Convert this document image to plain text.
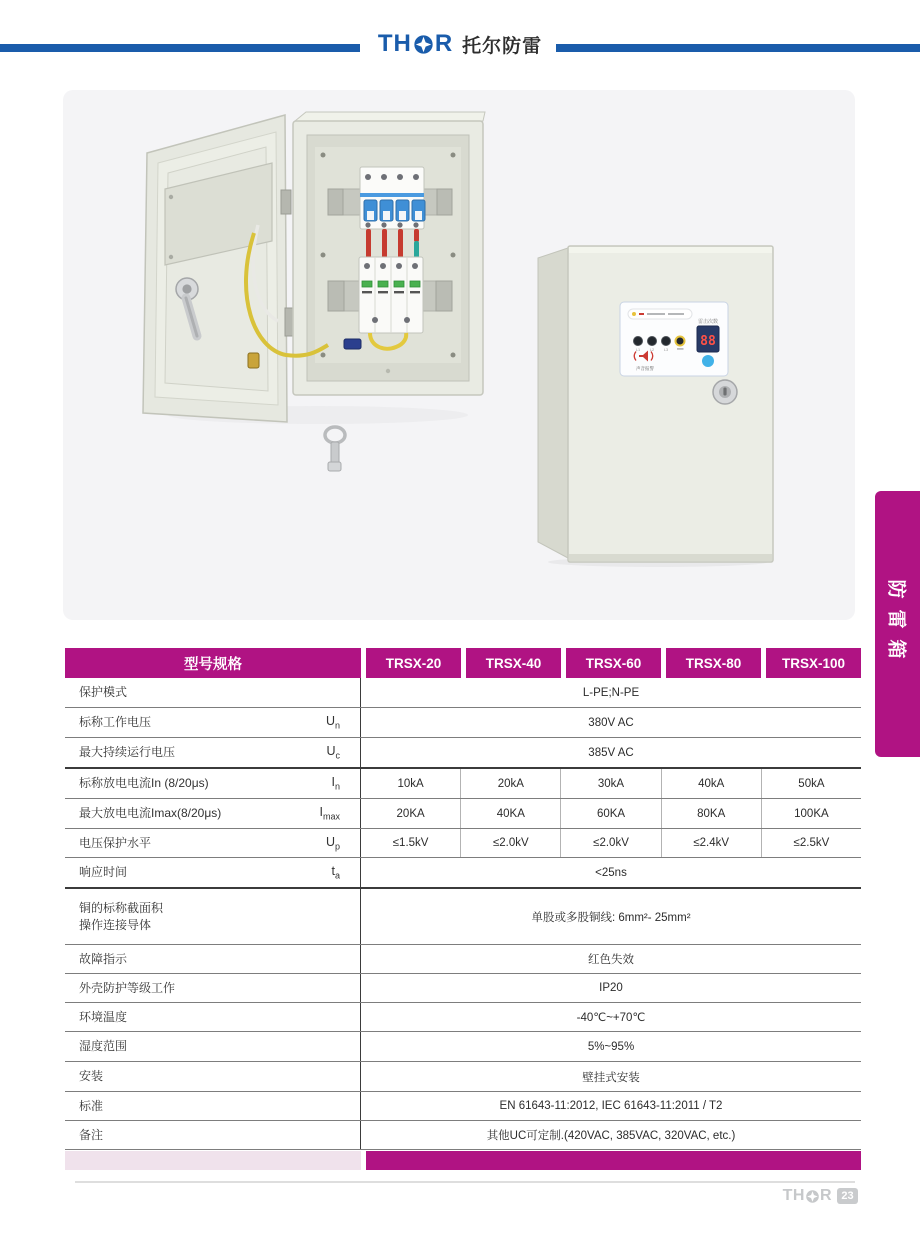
TH R 托尔防雷
雷击次数
88
L1	L2	L3
声音报警
防雷箱
型号规格	TRSX-20	TRSX-40	TRSX-60	TRSX-80	TRSX-100
保护模式	L-PE;N-PE
标称工作电压	$U_n$	380V AC
最大持续运行电压	$U_c$	385V AC
标称放电电流In (8/20μs)	$I_n$	10kA	20kA	30kA	40kA	50kA
最大放电电流Imax(8/20μs)	$I_{max}$	20KA	40KA	60KA	80KA	100KA
电压保护水平	$U_p$	≤1.5kV	≤2.0kV	≤2.0kV	≤2.4kV	≤2.5kV
响应时间	$t_a$	<25ns
铜的标称截面积
操作连接导体	单股或多股铜线: 6mm²- 25mm²
故障指示	红色失效
外壳防护等级工作	IP20
环境温度	-40℃~+70℃
湿度范围	5%~95%
安装	壁挂式安装
标准	EN 61643-11:2012, IEC 61643-11:2011 / T2
备注	其他UC可定制.(420VAC, 385VAC, 320VAC, etc.)
TH R 23
